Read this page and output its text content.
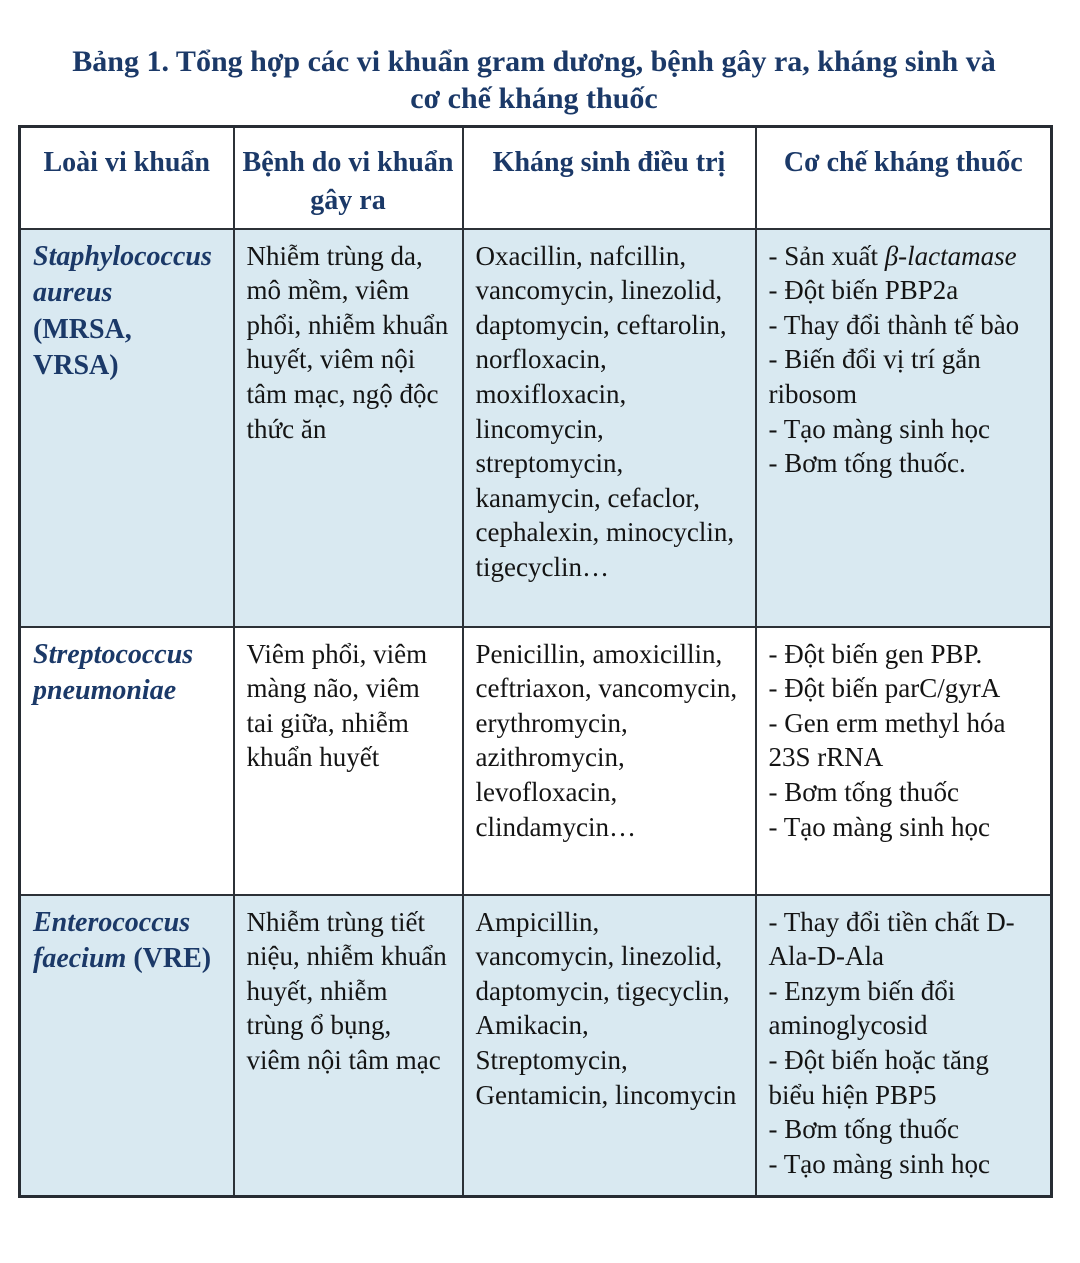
Bảng 1. Tổng hợp các vi khuẩn gram dương, bệnh gây ra, kháng sinh và
cơ chế kháng thuốc
Loài vi khuẩn	Bệnh do vi khuẩn gây ra	Kháng sinh điều trị	Cơ chế kháng thuốc

Staphylococcus aureus
(MRSA, VRSA)
	Nhiễm trùng da, mô mềm, viêm phổi, nhiễm khuẩn huyết, viêm nội tâm mạc, ngộ độc thức ăn	Oxacillin, nafcillin, vancomycin, linezolid, daptomycin, ceftarolin, norfloxacin, moxifloxacin, lincomycin, streptomycin, kanamycin, cefaclor, cephalexin, minocyclin, tigecyclin…	
- Sản xuất β-lactamase
- Đột biến PBP2a
- Thay đổi thành tế bào
- Biến đổi vị trí gắn ribosom
- Tạo màng sinh học
- Bơm tống thuốc.

Streptococcus pneumoniae	Viêm phổi, viêm màng não, viêm tai giữa, nhiễm khuẩn huyết	Penicillin, amoxicillin, ceftriaxon, vancomycin, erythromycin, azithromycin, levofloxacin, clindamycin…	- Đột biến gen PBP.
- Đột biến parC/gyrA
- Gen erm methyl hóa 23S rRNA
- Bơm tống thuốc
- Tạo màng sinh học

Enterococcus faecium (VRE)	Nhiễm trùng tiết niệu, nhiễm khuẩn huyết, nhiễm trùng ổ bụng, viêm nội tâm mạc	Ampicillin, vancomycin, linezolid, daptomycin, tigecyclin, Amikacin, Streptomycin, Gentamicin, lincomycin	- Thay đổi tiền chất D-Ala-D-Ala
- Enzym biến đổi aminoglycosid
- Đột biến hoặc tăng biểu hiện PBP5
- Bơm tống thuốc
- Tạo màng sinh học
